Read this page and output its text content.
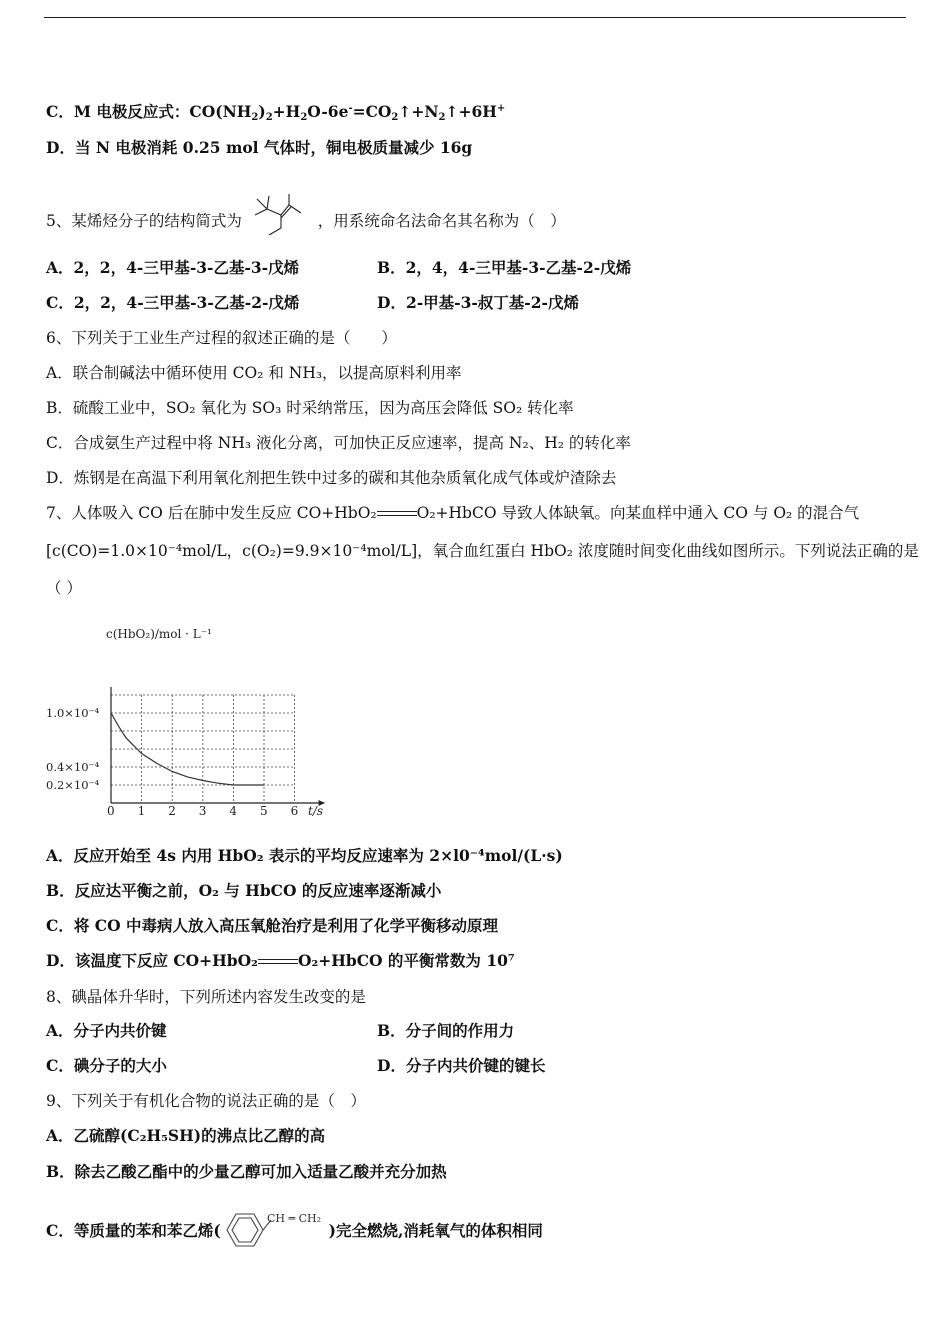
C．M 电极反应式：$CO(NH_2)_2+H_2O-6e^-=CO_2↑+N_2↑+6H^+$
D．当 N 电极消耗 0.25 mol 气体时，铜电极质量减少 16g
5、某烯烃分子的结构简式为	，用系统命名法命名其名称为（　）
A．2，2，4-三甲基-3-乙基-3-戊烯	B．2，4，4-三甲基-3-乙基-2-戊烯
C．2，2，4-三甲基-3-乙基-2-戊烯	D．2-甲基-3-叔丁基-2-戊烯
6、下列关于工业生产过程的叙述正确的是（　　）
A．联合制碱法中循环使用 CO₂ 和 NH₃，以提高原料利用率
B．硫酸工业中，SO₂ 氧化为 SO₃ 时采纳常压，因为高压会降低 SO₂ 转化率
C．合成氨生产过程中将 NH₃ 液化分离，可加快正反应速率，提高 N₂、H₂ 的转化率
D．炼钢是在高温下利用氧化剂把生铁中过多的碳和其他杂质氧化成气体或炉渣除去
7、人体吸入 CO 后在肺中发生反应 CO+HbO₂	O₂+HbCO 导致人体缺氧。向某血样中通入 CO 与 O₂ 的混合气
[c(CO)=1.0×10⁻⁴mol/L，c(O₂)=9.9×10⁻⁴mol/L]，氧合血红蛋白 HbO₂ 浓度随时间变化曲线如图所示。下列说法正确的是
（ ）
0 1 2 3 4 5 6
1.0×10⁻⁴
0.4×10⁻⁴
0.2×10⁻⁴
c(HbO₂)/mol · L⁻¹
t/s
A．反应开始至 4s 内用 HbO₂ 表示的平均反应速率为 2×l0⁻⁴mol/(L·s)
B．反应达平衡之前，O₂ 与 HbCO 的反应速率逐渐减小
C．将 CO 中毒病人放入高压氧舱治疗是利用了化学平衡移动原理
D．该温度下反应 CO+HbO₂	O₂+HbCO 的平衡常数为 10⁷
8、碘晶体升华时，下列所述内容发生改变的是
A．分子内共价键	B．分子间的作用力
C．碘分子的大小	D．分子内共价键的键长
9、下列关于有机化合物的说法正确的是（　）
A．乙硫醇(C₂H₅SH)的沸点比乙醇的高
B．除去乙酸乙酯中的少量乙醇可加入适量乙酸并充分加热
C．等质量的苯和苯乙烯(
CH ═ CH₂
)完全燃烧,消耗氧气的体积相同
